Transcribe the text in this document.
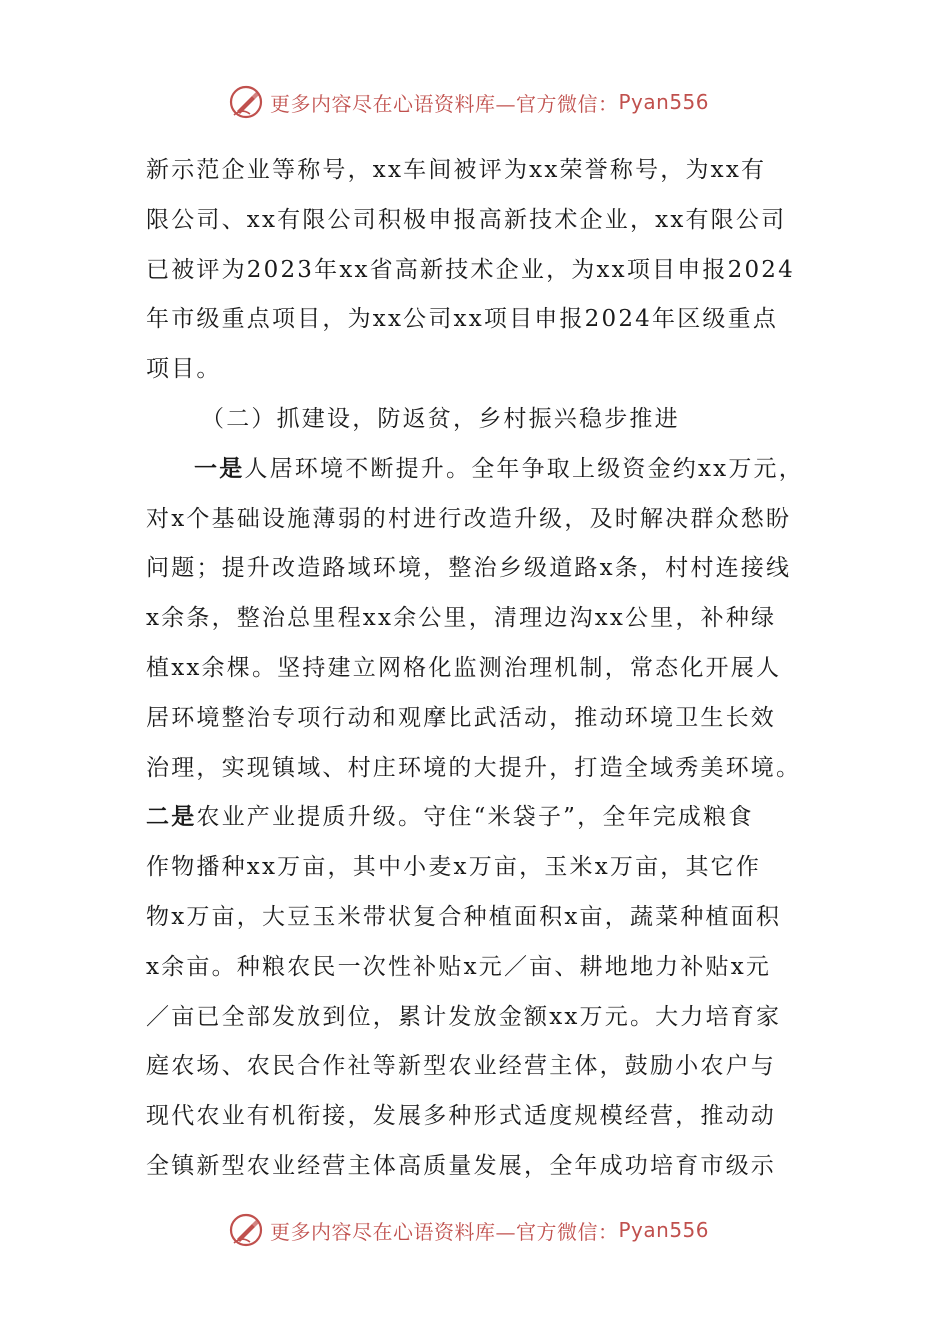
更多内容尽在心语资料库—官方微信： Pyan556
新示范企业等称号，xx车间被评为xx荣誉称号，为xx有
限公司、xx有限公司积极申报高新技术企业，xx有限公司
已被评为2023年xx省高新技术企业，为xx项目申报2024
年市级重点项目，为xx公司xx项目申报2024年区级重点
项目。
（二）抓建设，防返贫，乡村振兴稳步推进
一是人居环境不断提升。全年争取上级资金约xx万元，
对x个基础设施薄弱的村进行改造升级，及时解决群众愁盼
问题；提升改造路域环境，整治乡级道路x条，村村连接线
x余条，整治总里程xx余公里，清理边沟xx公里，补种绿
植xx余棵。坚持建立网格化监测治理机制，常态化开展人
居环境整治专项行动和观摩比武活动，推动环境卫生长效
治理，实现镇域、村庄环境的大提升，打造全域秀美环境。
二是农业产业提质升级。守住“米袋子”，全年完成粮食
作物播种xx万亩，其中小麦x万亩，玉米x万亩，其它作
物x万亩，大豆玉米带状复合种植面积x亩，蔬菜种植面积
x余亩。种粮农民一次性补贴x元／亩、耕地地力补贴x元
／亩已全部发放到位，累计发放金额xx万元。大力培育家
庭农场、农民合作社等新型农业经营主体，鼓励小农户与
现代农业有机衔接，发展多种形式适度规模经营，推动动
全镇新型农业经营主体高质量发展，全年成功培育市级示
更多内容尽在心语资料库—官方微信： Pyan556
